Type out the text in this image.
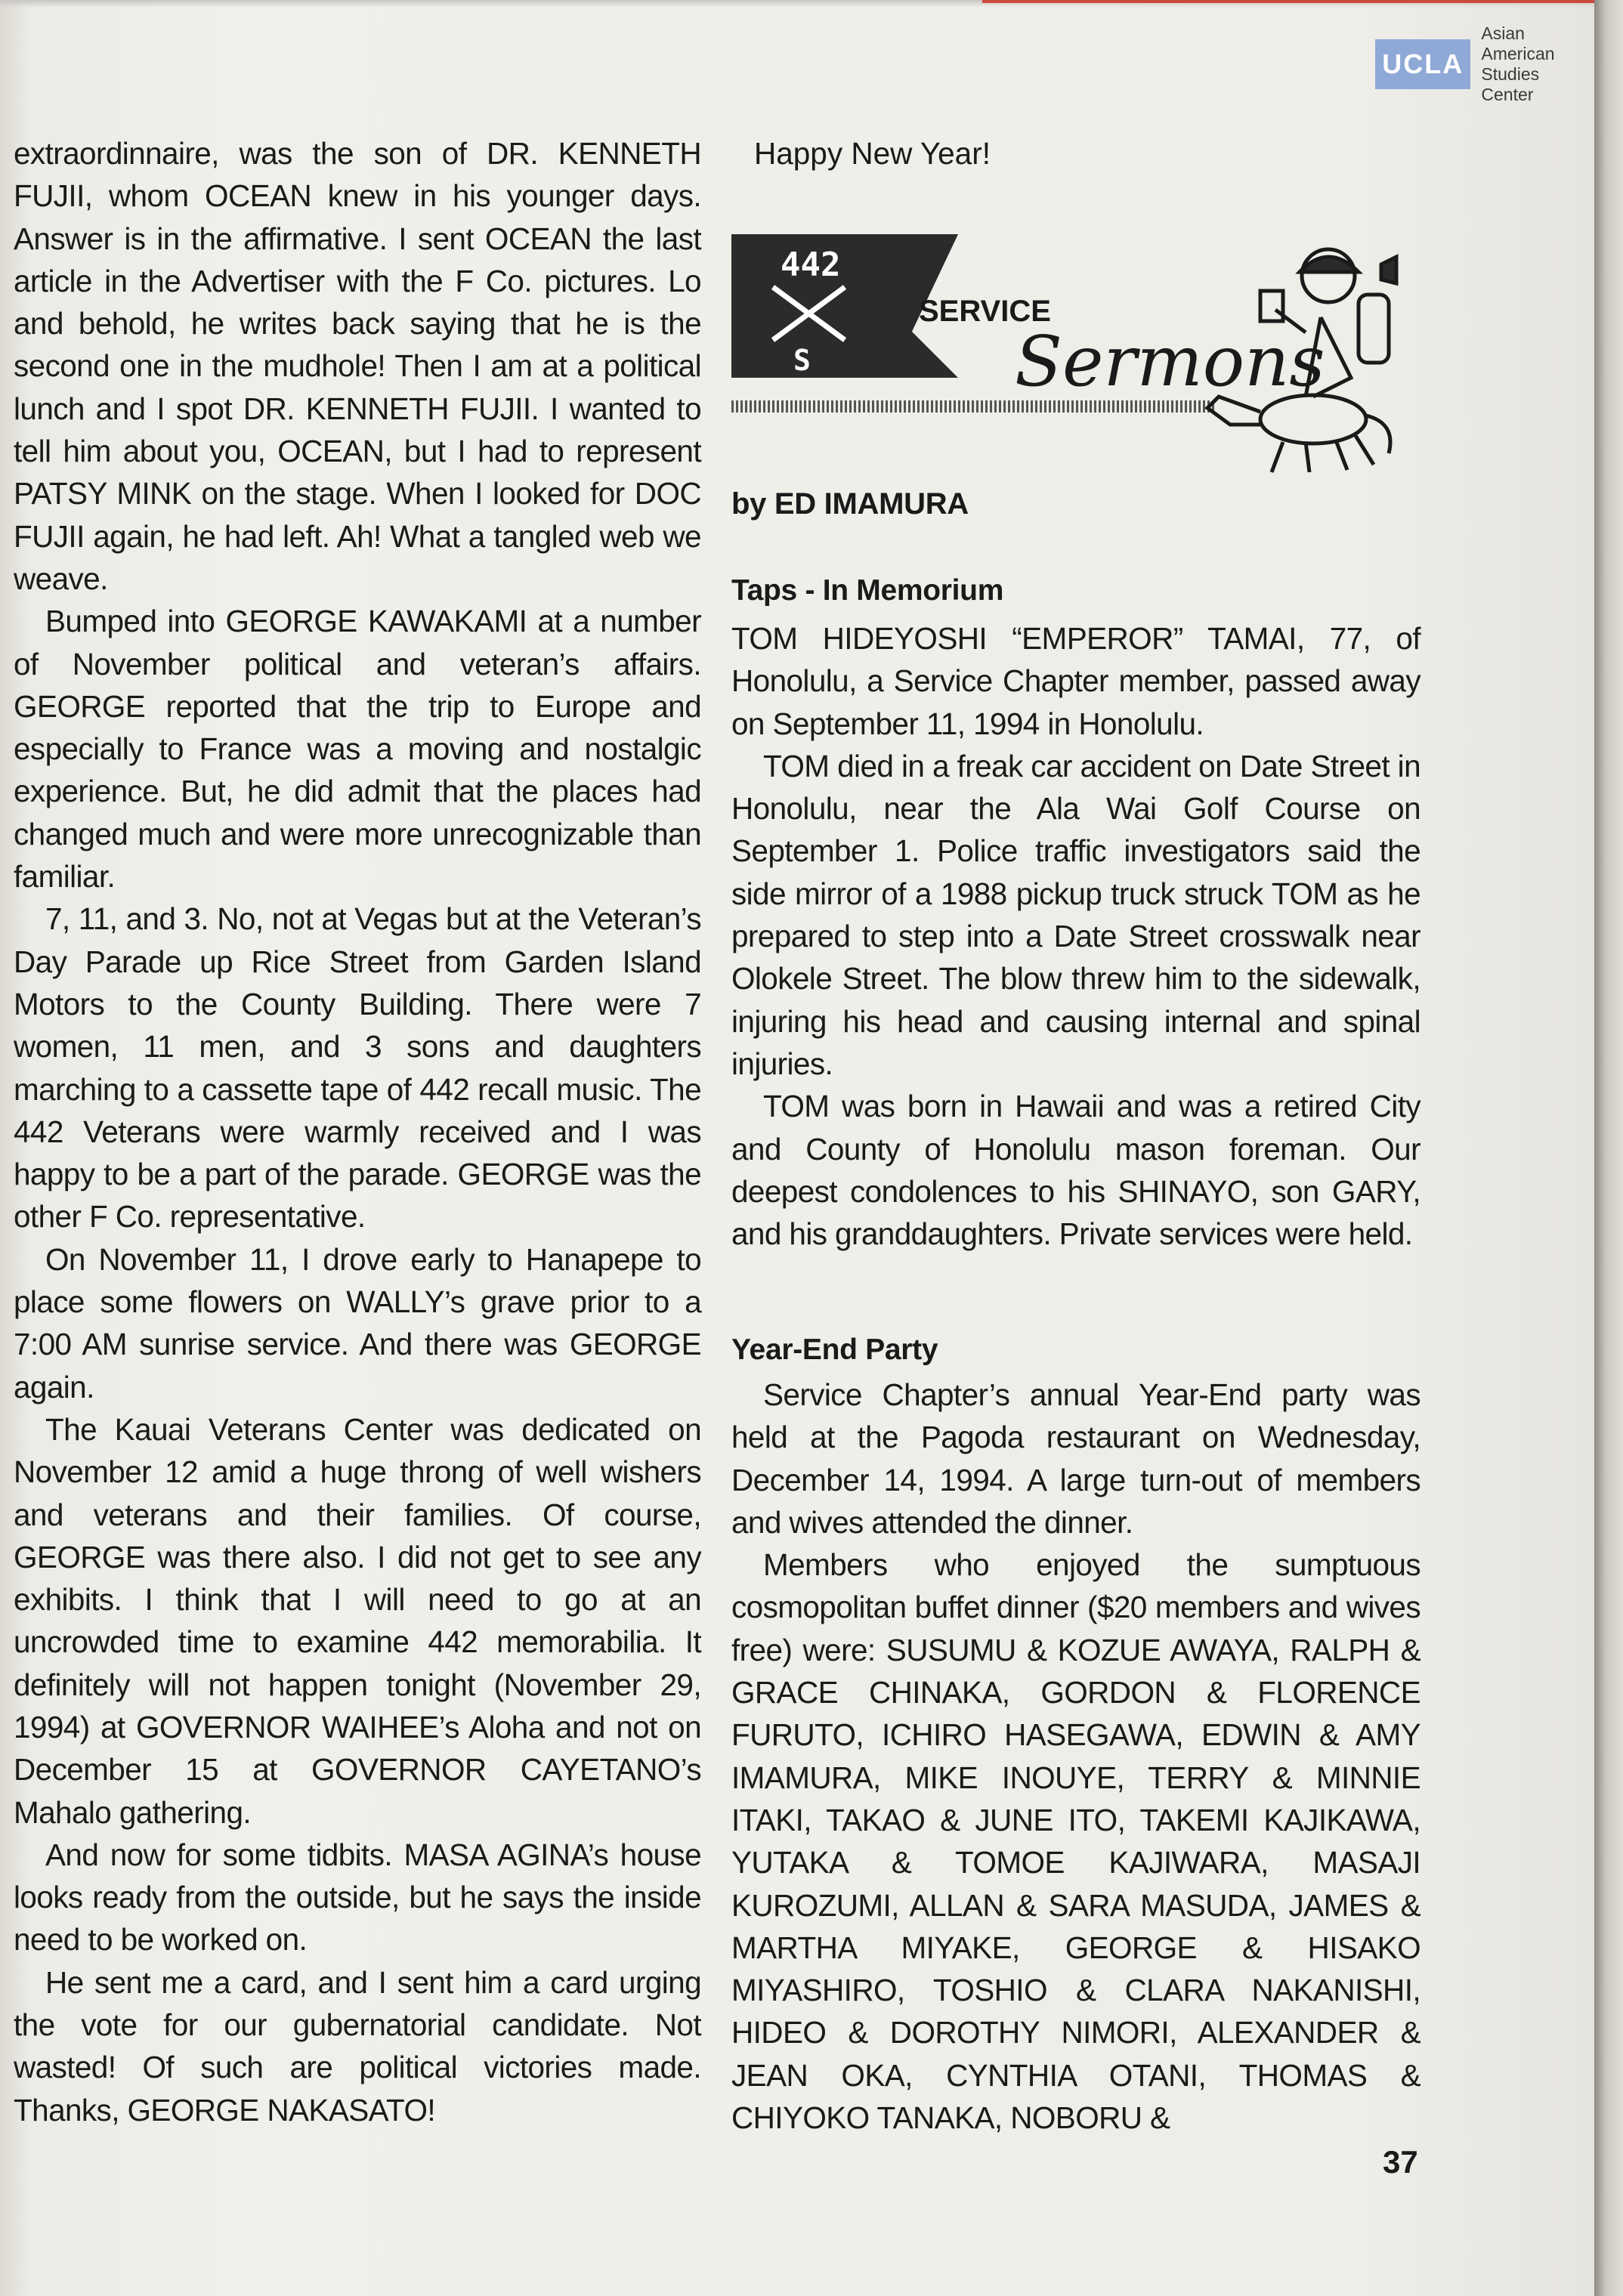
UCLA
Asian American
Studies Center

extraordinnaire, was the son of DR. KENNETH FUJII, whom OCEAN knew in his younger days. Answer is in the affirmative. I sent OCEAN the last article in the Advertiser with the F Co. pictures. Lo and behold, he writes back saying that he is the second one in the mudhole! Then I am at a political lunch and I spot DR. KENNETH FUJII. I wanted to tell him about you, OCEAN, but I had to represent PATSY MINK on the stage. When I looked for DOC FUJII again, he had left. Ah! What a tangled web we weave.

Bumped into GEORGE KAWAKAMI at a number of November political and veteran’s affairs. GEORGE reported that the trip to Europe and especially to France was a moving and nostalgic experience. But, he did admit that the places had changed much and were more unrecognizable than familiar.

7, 11, and 3. No, not at Vegas but at the Veteran’s Day Parade up Rice Street from Garden Island Motors to the County Building. There were 7 women, 11 men, and 3 sons and daughters marching to a cassette tape of 442 recall music. The 442 Veterans were warmly received and I was happy to be a part of the parade. GEORGE was the other F Co. representative.

On November 11, I drove early to Hanapepe to place some flowers on WALLY’s grave prior to a 7:00 AM sunrise service. And there was GEORGE again.

The Kauai Veterans Center was dedicated on November 12 amid a huge throng of well wishers and veterans and their families. Of course, GEORGE was there also. I did not get to see any exhibits. I think that I will need to go at an uncrowded time to examine 442 memorabilia. It definitely will not happen tonight (November 29, 1994) at GOVERNOR WAIHEE’s Aloha and not on December 15 at GOVERNOR CAYETANO’s Mahalo gathering.

And now for some tidbits. MASA AGINA’s house looks ready from the outside, but he says the inside need to be worked on.

He sent me a card, and I sent him a card urging the vote for our gubernatorial candidate. Not wasted! Of such are political victories made. Thanks, GEORGE NAKASATO!

Happy New Year!
442
S
SERVICE
Sermons
by ED IMAMURA
Taps - In Memorium

TOM HIDEYOSHI “EMPEROR” TAMAI, 77, of Honolulu, a Service Chapter member, passed away on September 11, 1994 in Honolulu.

TOM died in a freak car accident on Date Street in Honolulu, near the Ala Wai Golf Course on September 1. Police traffic investigators said the side mirror of a 1988 pickup truck struck TOM as he prepared to step into a Date Street crosswalk near Olokele Street. The blow threw him to the sidewalk, injuring his head and causing internal and spinal injuries.

TOM was born in Hawaii and was a retired City and County of Honolulu mason foreman. Our deepest condolences to his SHINAYO, son GARY, and his granddaughters. Private services were held.

Year-End Party

Service Chapter’s annual Year-End party was held at the Pagoda restaurant on Wednesday, December 14, 1994. A large turn-out of members and wives attended the dinner.

Members who enjoyed the sumptuous cosmopolitan buffet dinner ($20 members and wives free) were: SUSUMU & KOZUE AWAYA, RALPH & GRACE CHINAKA, GORDON & FLORENCE FURUTO, ICHIRO HASEGAWA, EDWIN & AMY IMAMURA, MIKE INOUYE, TERRY & MINNIE ITAKI, TAKAO & JUNE ITO, TAKEMI KAJIKAWA, YUTAKA & TOMOE KAJIWARA, MASAJI KUROZUMI, ALLAN & SARA MASUDA, JAMES & MARTHA MIYAKE, GEORGE & HISAKO MIYASHIRO, TOSHIO & CLARA NAKANISHI, HIDEO & DOROTHY NIMORI, ALEXANDER & JEAN OKA, CYNTHIA OTANI, THOMAS & CHIYOKO TANAKA, NOBORU &

37
